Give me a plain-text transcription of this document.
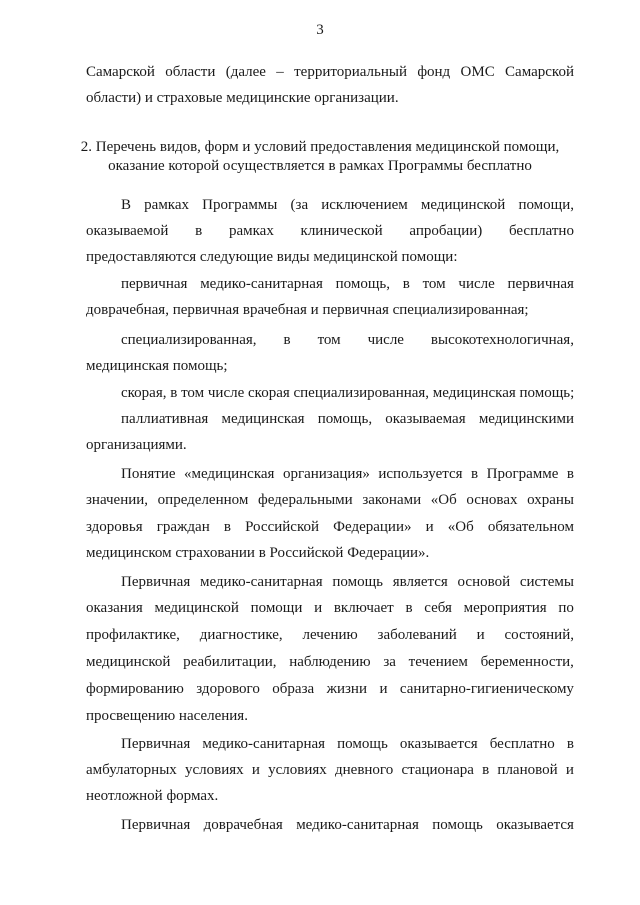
3
Самарской области (далее – территориальный фонд ОМС Самарской
области) и страховые медицинские организации.
2. Перечень видов, форм и условий предоставления медицинской помощи,
оказание которой осуществляется в рамках Программы бесплатно
В рамках Программы (за исключением медицинской помощи,
оказываемой в рамках клинической апробации) бесплатно
предоставляются следующие виды медицинской помощи:
первичная медико-санитарная помощь, в том числе первичная
доврачебная, первичная врачебная и первичная специализированная;
специализированная, в том числе высокотехнологичная,
медицинская помощь;
скорая, в том числе скорая специализированная, медицинская помощь;
паллиативная медицинская помощь, оказываемая медицинскими
организациями.
Понятие «медицинская организация» используется в Программе в
значении, определенном федеральными законами «Об основах охраны
здоровья граждан в Российской Федерации» и «Об обязательном
медицинском страховании в Российской Федерации».
Первичная медико-санитарная помощь является основой системы
оказания медицинской помощи и включает в себя мероприятия по
профилактике, диагностике, лечению заболеваний и состояний,
медицинской реабилитации, наблюдению за течением беременности,
формированию здорового образа жизни и санитарно-гигиеническому
просвещению населения.
Первичная медико-санитарная помощь оказывается бесплатно в
амбулаторных условиях и условиях дневного стационара в плановой и
неотложной формах.
Первичная доврачебная медико-санитарная помощь оказывается
